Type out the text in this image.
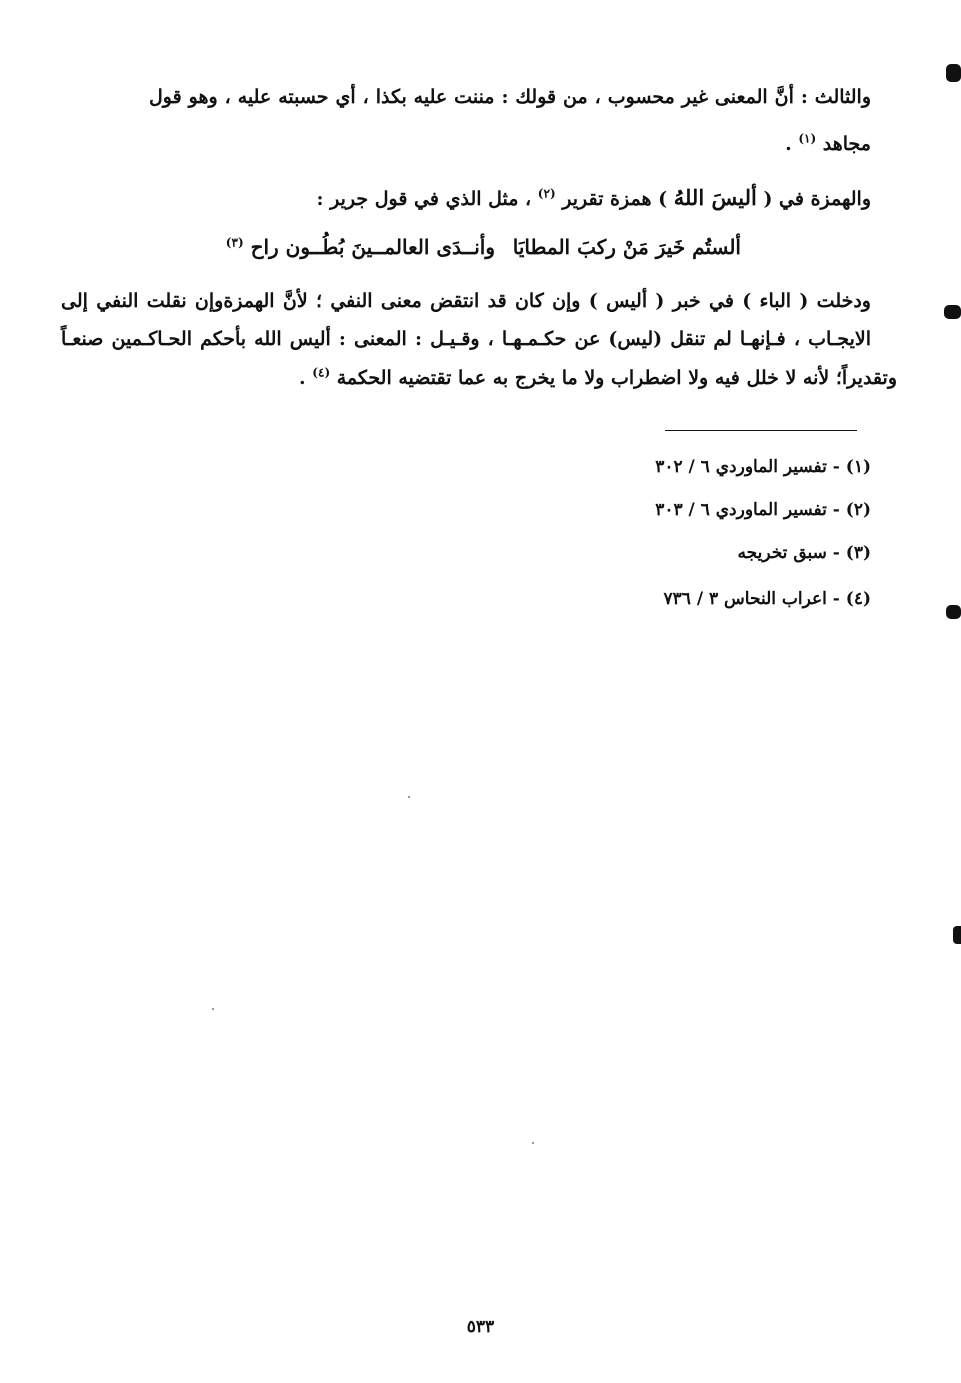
والثالث : أنَّ المعنى غير محسوب ، من قولك : مننت عليه بكذا ، أي حسبته عليه ، وهو قول
مجاهد $^{(١)}$ .
والهمزة في ( أليسَ اللهُ ) همزة تقرير $^{(٢)}$ ، مثل الذي في قول جرير :
ألستُم خَيرَ مَنْ ركبَ المطايَا
وأنــدَى العالمــينَ بُطُــون راح $^{(٣)}$
ودخلت ( الباء ) في خبر ( أليس ) وإن كان قد انتقض معنى النفي ؛ لأنَّ الهمزةوإن نقلت النفي إلى
الايجـاب ، فـإنهـا لم تنقل (ليس) عن حكـمـهـا ، وقـيـل : المعنى : أليس الله بأحكم الحـاكـمين صنعـاً
وتقديراً؛ لأنه لا خلل فيه ولا اضطراب ولا ما يخرج به عما تقتضيه الحكمة $^{(٤)}$ .
(١) - تفسير الماوردي ٦ / ٣٠٢
(٢) - تفسير الماوردي ٦ / ٣٠٣
(٣) - سبق تخريجه
(٤) - اعراب النحاس ٣ / ٧٣٦
٥٣٣
